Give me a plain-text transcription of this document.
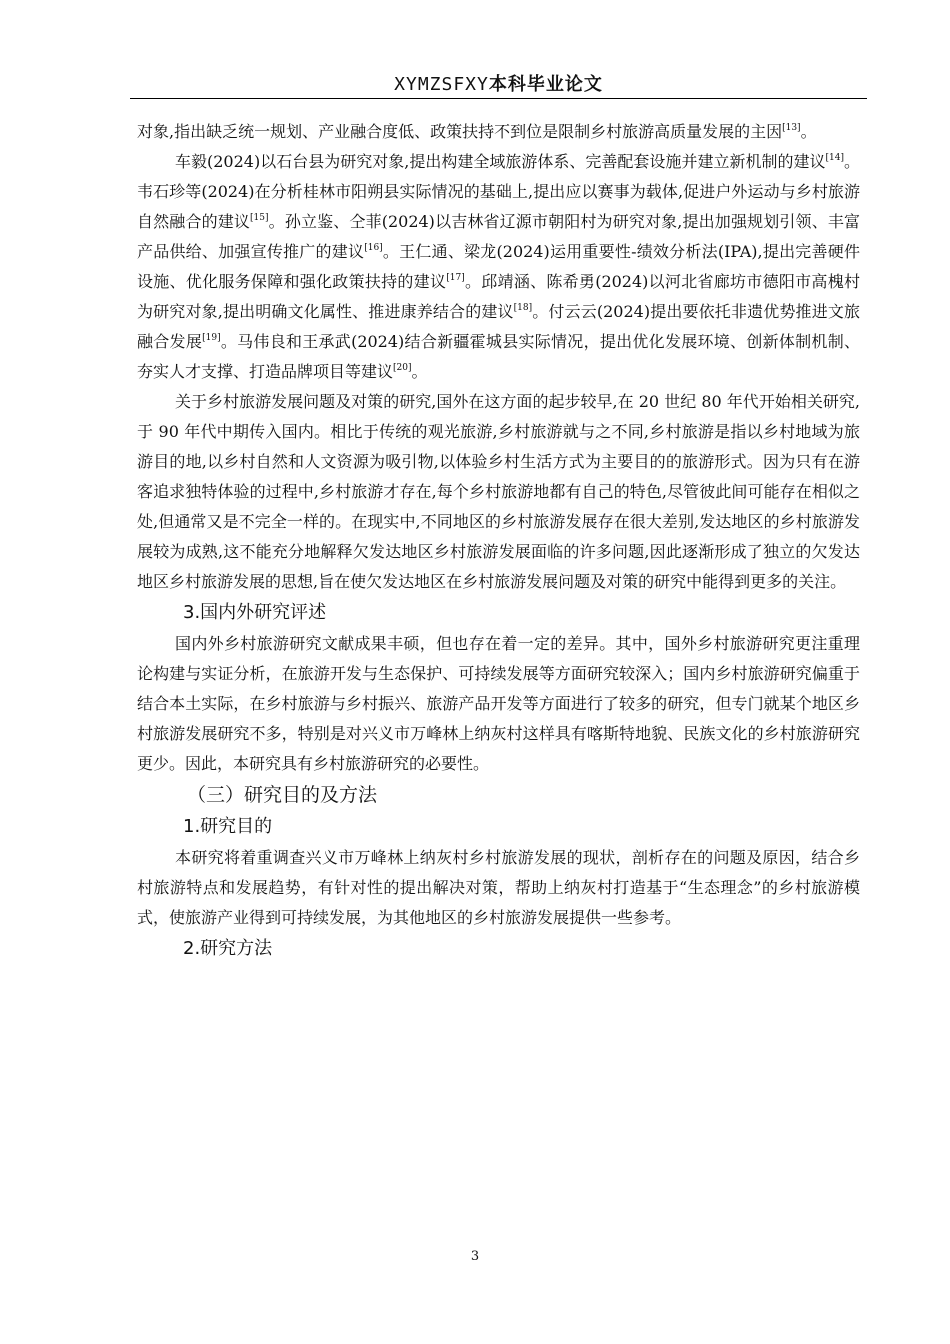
XYMZSFXY本科毕业论文

对象,指出缺乏统一规划、产业融合度低、政策扶持不到位是限制乡村旅游高质量发展的主因[13]。

车毅(2024)以石台县为研究对象,提出构建全域旅游体系、完善配套设施并建立新机制的建议[14]。韦石珍等(2024)在分析桂林市阳朔县实际情况的基础上,提出应以赛事为载体,促进户外运动与乡村旅游自然融合的建议[15]。孙立鉴、仝菲(2024)以吉林省辽源市朝阳村为研究对象,提出加强规划引领、丰富产品供给、加强宣传推广的建议[16]。王仁通、梁龙(2024)运用重要性-绩效分析法(IPA),提出完善硬件设施、优化服务保障和强化政策扶持的建议[17]。邱靖涵、陈希勇(2024)以河北省廊坊市德阳市高槐村为研究对象,提出明确文化属性、推进康养结合的建议[18]。付云云(2024)提出要依托非遗优势推进文旅融合发展[19]。马伟良和王承武(2024)结合新疆霍城县实际情况，提出优化发展环境、创新体制机制、夯实人才支撑、打造品牌项目等建议[20]。

关于乡村旅游发展问题及对策的研究,国外在这方面的起步较早,在 20 世纪 80 年代开始相关研究,于 90 年代中期传入国内。相比于传统的观光旅游,乡村旅游就与之不同,乡村旅游是指以乡村地域为旅游目的地,以乡村自然和人文资源为吸引物,以体验乡村生活方式为主要目的的旅游形式。因为只有在游客追求独特体验的过程中,乡村旅游才存在,每个乡村旅游地都有自己的特色,尽管彼此间可能存在相似之处,但通常又是不完全一样的。在现实中,不同地区的乡村旅游发展存在很大差别,发达地区的乡村旅游发展较为成熟,这不能充分地解释欠发达地区乡村旅游发展面临的许多问题,因此逐渐形成了独立的欠发达地区乡村旅游发展的思想,旨在使欠发达地区在乡村旅游发展问题及对策的研究中能得到更多的关注。

3.国内外研究评述

国内外乡村旅游研究文献成果丰硕，但也存在着一定的差异。其中，国外乡村旅游研究更注重理论构建与实证分析，在旅游开发与生态保护、可持续发展等方面研究较深入；国内乡村旅游研究偏重于结合本土实际，在乡村旅游与乡村振兴、旅游产品开发等方面进行了较多的研究，但专门就某个地区乡村旅游发展研究不多，特别是对兴义市万峰林上纳灰村这样具有喀斯特地貌、民族文化的乡村旅游研究更少。因此，本研究具有乡村旅游研究的必要性。

（三）研究目的及方法
1.研究目的

本研究将着重调查兴义市万峰林上纳灰村乡村旅游发展的现状，剖析存在的问题及原因，结合乡村旅游特点和发展趋势，有针对性的提出解决对策，帮助上纳灰村打造基于“生态理念”的乡村旅游模式，使旅游产业得到可持续发展，为其他地区的乡村旅游发展提供一些参考。

2.研究方法
3
